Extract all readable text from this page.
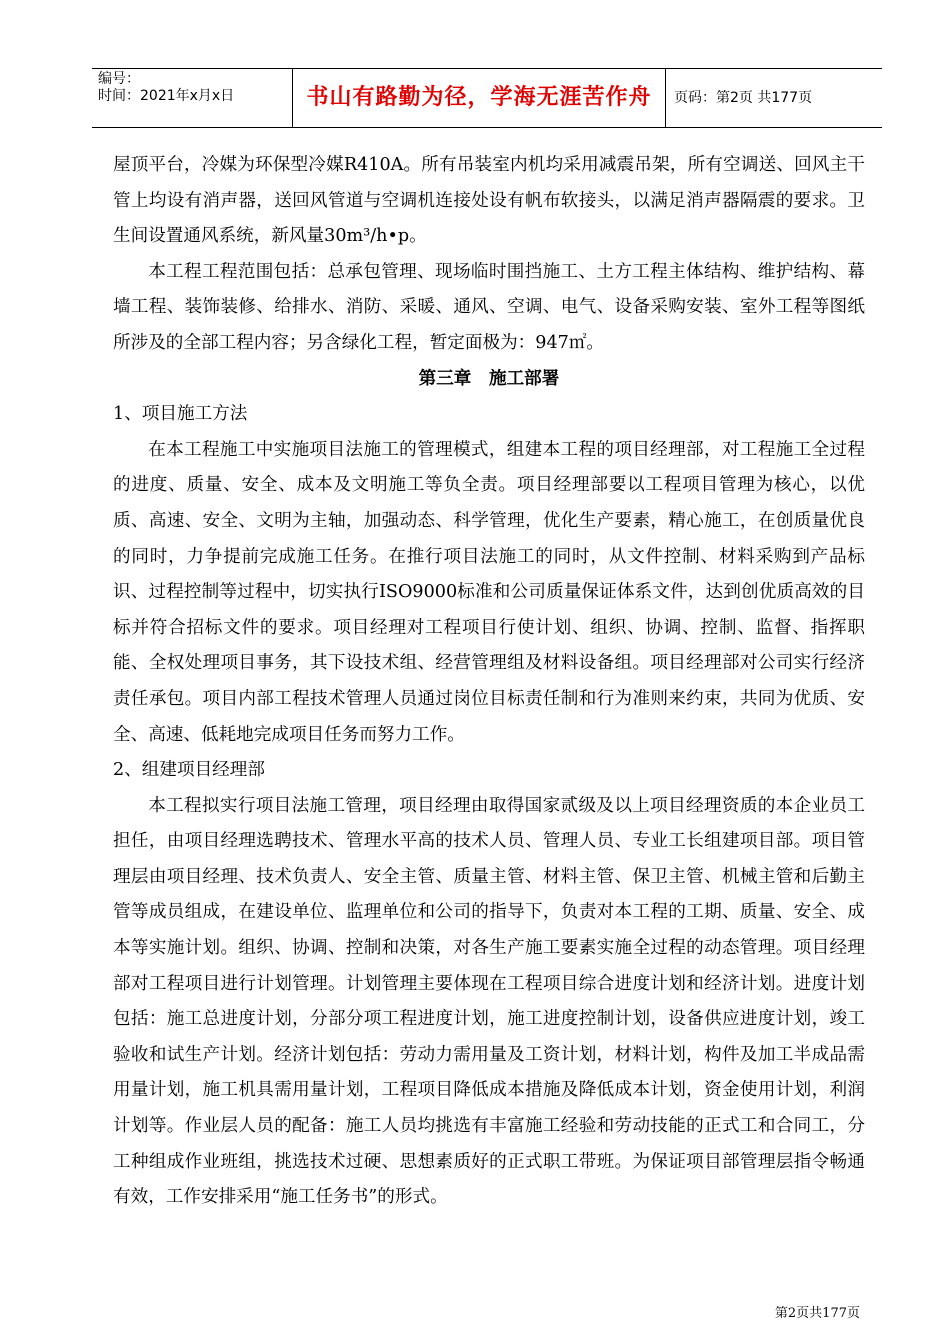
编号：
时间：2021年x月x日	书山有路勤为径，学海无涯苦作舟	页码：第2页 共177页

屋顶平台，冷媒为环保型冷媒R410A。所有吊装室内机均采用减震吊架，所有空调送、回风主干管上均设有消声器，送回风管道与空调机连接处设有帆布软接头，以满足消声器隔震的要求。卫生间设置通风系统，新风量30m³/h•p。

本工程工程范围包括：总承包管理、现场临时围挡施工、土方工程主体结构、维护结构、幕墙工程、装饰装修、给排水、消防、采暖、通风、空调、电气、设备采购安装、室外工程等图纸所涉及的全部工程内容；另含绿化工程，暂定面极为：947㎡。

第三章　施工部署

1、项目施工方法

在本工程施工中实施项目法施工的管理模式，组建本工程的项目经理部，对工程施工全过程的进度、质量、安全、成本及文明施工等负全责。项目经理部要以工程项目管理为核心，以优质、高速、安全、文明为主轴，加强动态、科学管理，优化生产要素，精心施工，在创质量优良的同时，力争提前完成施工任务。在推行项目法施工的同时，从文件控制、材料采购到产品标识、过程控制等过程中，切实执行ISO9000标准和公司质量保证体系文件，达到创优质高效的目标并符合招标文件的要求。项目经理对工程项目行使计划、组织、协调、控制、监督、指挥职能、全权处理项目事务，其下设技术组、经营管理组及材料设备组。项目经理部对公司实行经济责任承包。项目内部工程技术管理人员通过岗位目标责任制和行为准则来约束，共同为优质、安全、高速、低耗地完成项目任务而努力工作。

2、组建项目经理部

本工程拟实行项目法施工管理，项目经理由取得国家贰级及以上项目经理资质的本企业员工担任，由项目经理选聘技术、管理水平高的技术人员、管理人员、专业工长组建项目部。项目管理层由项目经理、技术负责人、安全主管、质量主管、材料主管、保卫主管、机械主管和后勤主管等成员组成，在建设单位、监理单位和公司的指导下，负责对本工程的工期、质量、安全、成本等实施计划。组织、协调、控制和决策，对各生产施工要素实施全过程的动态管理。项目经理部对工程项目进行计划管理。计划管理主要体现在工程项目综合进度计划和经济计划。进度计划包括：施工总进度计划，分部分项工程进度计划，施工进度控制计划，设备供应进度计划，竣工验收和试生产计划。经济计划包括：劳动力需用量及工资计划，材料计划，构件及加工半成品需用量计划，施工机具需用量计划，工程项目降低成本措施及降低成本计划，资金使用计划，利润计划等。作业层人员的配备：施工人员均挑选有丰富施工经验和劳动技能的正式工和合同工，分工种组成作业班组，挑选技术过硬、思想素质好的正式职工带班。为保证项目部管理层指令畅通有效，工作安排采用“施工任务书”的形式。

第2页共177页
